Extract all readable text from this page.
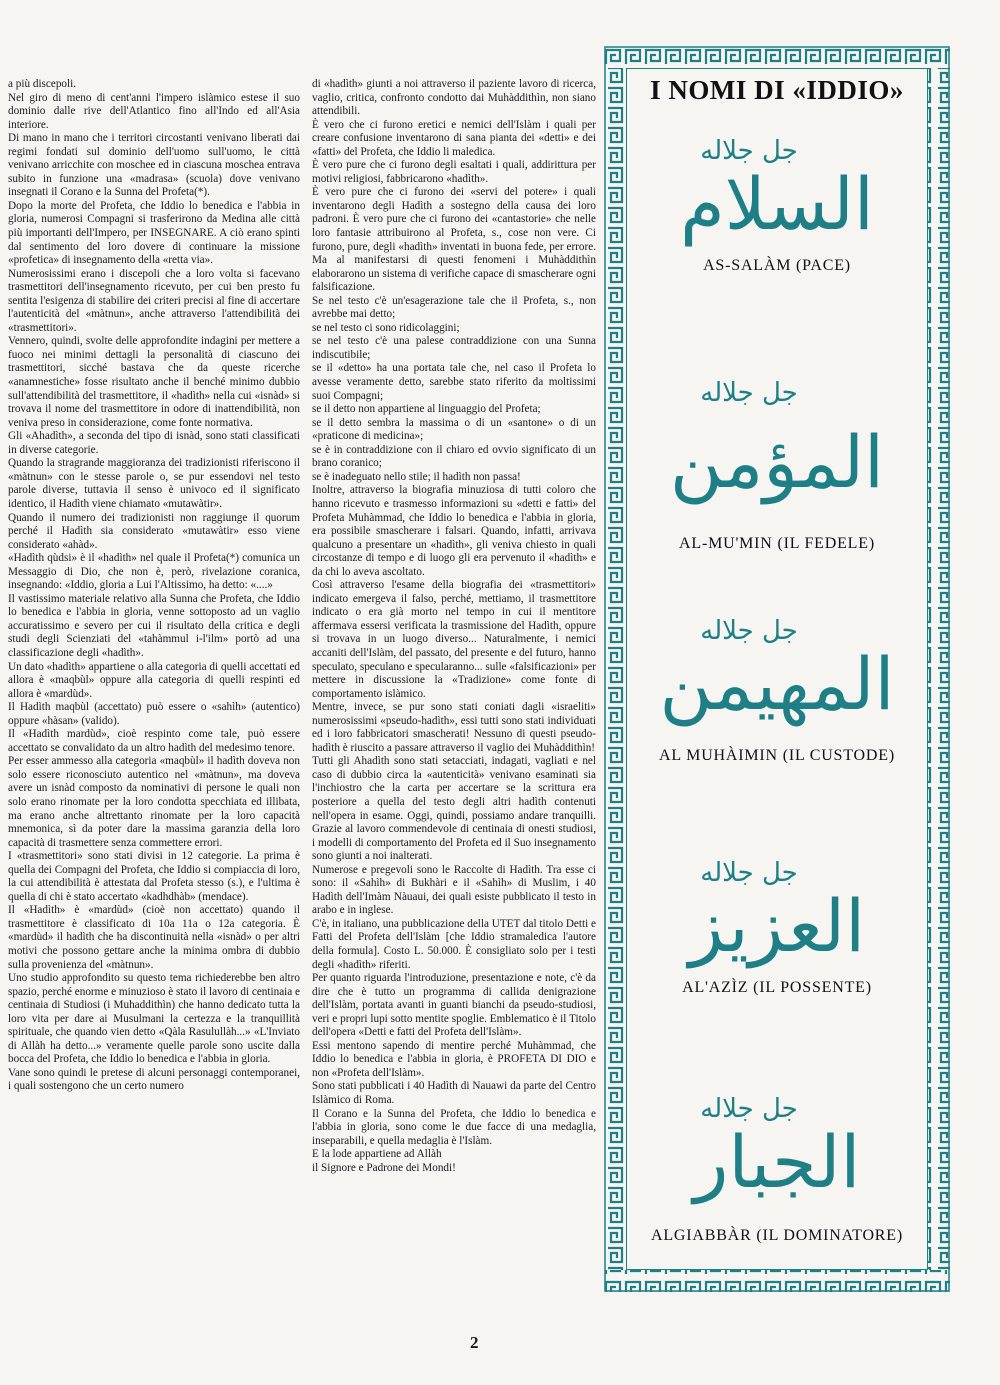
a più discepoli.

Nel giro di meno di cent'anni l'impero islàmico estese il suo dominio dalle rive dell'Atlantico fino all'Indo ed all'Asia interiore.

Di mano in mano che i territori circostanti venivano liberati dai regimi fondati sul dominio dell'uomo sull'uomo, le città venivano arricchite con moschee ed in ciascuna moschea entrava subito in funzione una «madrasa» (scuola) dove venivano insegnati il Corano e la Sunna del Profeta(*).

Dopo la morte del Profeta, che Iddio lo benedica e l'abbia in gloria, numerosi Compagni si trasferirono da Medina alle città più importanti dell'Impero, per INSEGNARE. A ciò erano spinti dal sentimento del loro dovere di continuare la missione «profetica» di insegnamento della «retta via».

Numerosissimi erano i discepoli che a loro volta si facevano trasmettitori dell'insegnamento ricevuto, per cui ben presto fu sentita l'esigenza di stabilire dei criteri precisi al fine di accertare l'autenticità del «màtnun», anche attraverso l'attendibilità dei «trasmettitori».

Vennero, quindi, svolte delle approfondite indagini per mettere a fuoco nei minimi dettagli la personalità di ciascuno dei trasmettitori, sicché bastava che da queste ricerche «anamnestiche» fosse risultato anche il benché minimo dubbio sull'attendibilità del trasmettitore, il «hadìth» nella cui «isnàd» si trovava il nome del trasmettitore in odore di inattendibilità, non veniva preso in considerazione, come fonte normativa.

Gli «Ahadìth», a seconda del tipo di isnàd, sono stati classificati in diverse categorie.

Quando la stragrande maggioranza dei tradizionisti riferiscono il «màtnun» con le stesse parole o, se pur essendovi nel testo parole diverse, tuttavia il senso è univoco ed il significato identico, il Hadìth viene chiamato «mutawàtir».

Quando il numero dei tradizionisti non raggiunge il quorum perché il Hadìth sia considerato «mutawàtir» esso viene considerato «ahàd».

«Hadìth qùdsi» è il «hadìth» nel quale il Profeta(*) comunica un Messaggio di Dio, che non è, però, rivelazione coranica, insegnando: «Iddio, gloria a Lui l'Altissimo, ha detto: «....»

Il vastissimo materiale relativo alla Sunna che Profeta, che Iddio lo benedica e l'abbia in gloria, venne sottoposto ad un vaglio accuratissimo e severo per cui il risultato della critica e degli studi degli Scienziati del «tahàmmul i-l'ilm» portò ad una classificazione degli «hadìth».

Un dato «hadìth» appartiene o alla categoria di quelli accettati ed allora è «maqbùl» oppure alla categoria di quelli respinti ed allora è «mardùd».

Il Hadìth maqbùl (accettato) può essere o «sahìh» (autentico) oppure «hàsan» (valido).

Il «Hadìth mardùd», cioè respinto come tale, può essere accettato se convalidato da un altro hadìth del medesimo tenore.

Per esser ammesso alla categoria «maqbùl» il hadìth doveva non solo essere riconosciuto autentico nel «màtnun», ma doveva avere un isnàd composto da nominativi di persone le quali non solo erano rinomate per la loro condotta specchiata ed illibata, ma erano anche altrettanto rinomate per la loro capacità mnemonica, sì da poter dare la massima garanzia della loro capacità di trasmettere senza commettere errori.

I «trasmettitori» sono stati divisi in 12 categorie. La prima è quella dei Compagni del Profeta, che Iddio si compiaccia di loro, la cui attendibilità è attestata dal Profeta stesso (s.), e l'ultima è quella di chi è stato accertato «kadhdhàb» (mendace).

Il «Hadìth» è «mardùd» (cioè non accettato) quando il trasmettitore è classificato di 10a 11a o 12a categoria. È «mardùd» il hadìth che ha discontinuità nella «isnàd» o per altri motivi che possono gettare anche la minima ombra di dubbio sulla provenienza del «màtnun».

Uno studio approfondito su questo tema richiederebbe ben altro spazio, perché enorme e minuzioso è stato il lavoro di centinaia e centinaia di Studiosi (i Muhaddithìn) che hanno dedicato tutta la loro vita per dare ai Musulmani la certezza e la tranquillità spirituale, che quando vien detto «Qàla Rasulullàh...» «L'Inviato di Allàh ha detto...» veramente quelle parole sono uscite dalla bocca del Profeta, che Iddio lo benedica e l'abbia in gloria.

Vane sono quindi le pretese di alcuni personaggi contemporanei, i quali sostengono che un certo numero

di «hadìth» giunti a noi attraverso il paziente lavoro di ricerca, vaglio, critica, confronto condotto dai Muhàddithìn, non siano attendibili.

È vero che ci furono eretici e nemici dell'Islàm i quali per creare confusione inventarono di sana pianta dei «detti» e dei «fatti» del Profeta, che Iddio li maledica.

È vero pure che ci furono degli esaltati i quali, addirittura per motivi religiosi, fabbricarono «hadìth».

È vero pure che ci furono dei «servi del potere» i quali inventarono degli Hadìth a sostegno della causa dei loro padroni. È vero pure che ci furono dei «cantastorie» che nelle loro fantasie attribuirono al Profeta, s., cose non vere. Ci furono, pure, degli «hadìth» inventati in buona fede, per errore. Ma al manifestarsi di questi fenomeni i Muhàddithìn elaborarono un sistema di verifiche capace di smascherare ogni falsificazione.

Se nel testo c'è un'esagerazione tale che il Profeta, s., non avrebbe mai detto;

se nel testo ci sono ridicolaggini;

se nel testo c'è una palese contraddizione con una Sunna indiscutibile;

se il «detto» ha una portata tale che, nel caso il Profeta lo avesse veramente detto, sarebbe stato riferito da moltissimi suoi Compagni;

se il detto non appartiene al linguaggio del Profeta;

se il detto sembra la massima o di un «santone» o di un «praticone di medicina»;

se è in contraddizione con il chiaro ed ovvio significato di un brano coranico;

se è inadeguato nello stile; il hadìth non passa!

Inoltre, attraverso la biografia minuziosa di tutti coloro che hanno ricevuto e trasmesso informazioni su «detti e fatti» del Profeta Muhàmmad, che Iddio lo benedica e l'abbia in gloria, era possibile smascherare i falsari. Quando, infatti, arrivava qualcuno a presentare un «hadìth», gli veniva chiesto in quali circostanze di tempo e di luogo gli era pervenuto il «hadìth» e da chi lo aveva ascoltato.

Così attraverso l'esame della biografia dei «trasmettitori» indicato emergeva il falso, perché, mettiamo, il trasmettitore indicato o era già morto nel tempo in cui il mentitore affermava essersi verificata la trasmissione del Hadìth, oppure si trovava in un luogo diverso... Naturalmente, i nemici accaniti dell'Islàm, del passato, del presente e del futuro, hanno speculato, speculano e specularanno... sulle «falsificazioni» per mettere in discussione la «Tradizione» come fonte di comportamento islàmico.

Mentre, invece, se pur sono stati coniati dagli «israeliti» numerosissimi «pseudo-hadìth», essi tutti sono stati individuati ed i loro fabbricatori smascherati! Nessuno di questi pseudo-hadìth è riuscito a passare attraverso il vaglio dei Muhàddithìn!

Tutti gli Ahadìth sono stati setacciati, indagati, vagliati e nel caso di dubbio circa la «autenticità» venivano esaminati sia l'inchiostro che la carta per accertare se la scrittura era posteriore a quella del testo degli altri hadìth contenuti nell'opera in esame. Oggi, quindi, possiamo andare tranquilli. Grazie al lavoro commendevole di centinaia di onesti studiosi, i modelli di comportamento del Profeta ed il Suo insegnamento sono giunti a noi inalterati.

Numerose e pregevoli sono le Raccolte di Hadìth. Tra esse ci sono: il «Sahìh» di Bukhàri e il «Sahìh» di Muslim, i 40 Hadìth dell'Imàm Nàuaui, dei quali esiste pubblicato il testo in arabo e in inglese.

C'è, in italiano, una pubblicazione della UTET dal titolo Detti e Fatti del Profeta dell'Islàm [che Iddio stramaledica l'autore della formula]. Costo L. 50.000. È consigliato solo per i testi degli «hadìth» riferiti.

Per quanto riguarda l'introduzione, presentazione e note, c'è da dire che è tutto un programma di callida denigrazione dell'Islàm, portata avanti in guanti bianchi da pseudo-studiosi, veri e propri lupi sotto mentite spoglie. Emblematico è il Titolo dell'opera «Detti e fatti del Profeta dell'Islàm».

Essi mentono sapendo di mentire perché Muhàmmad, che Iddio lo benedica e l'abbia in gloria, è PROFETA DI DIO e non «Profeta dell'Islàm».

Sono stati pubblicati i 40 Hadìth di Nauawi da parte del Centro Islàmico di Roma.

Il Corano e la Sunna del Profeta, che Iddio lo benedica e l'abbia in gloria, sono come le due facce di una medaglia, inseparabili, e quella medaglia è l'Islàm.

E la lode appartiene ad Allàh

il Signore e Padrone dei Mondi!

I NOMI DI «IDDIO»
جل جلاله
السلام
AS-SALÀM (PACE)
جل جلاله
المؤمن
AL-MU'MIN (IL FEDELE)
جل جلاله
المهيمن
AL MUHÀIMIN (IL CUSTODE)
جل جلاله
العزيز
AL'AZÌZ (IL POSSENTE)
جل جلاله
الجبار
ALGIABBÀR (IL DOMINATORE)
2
